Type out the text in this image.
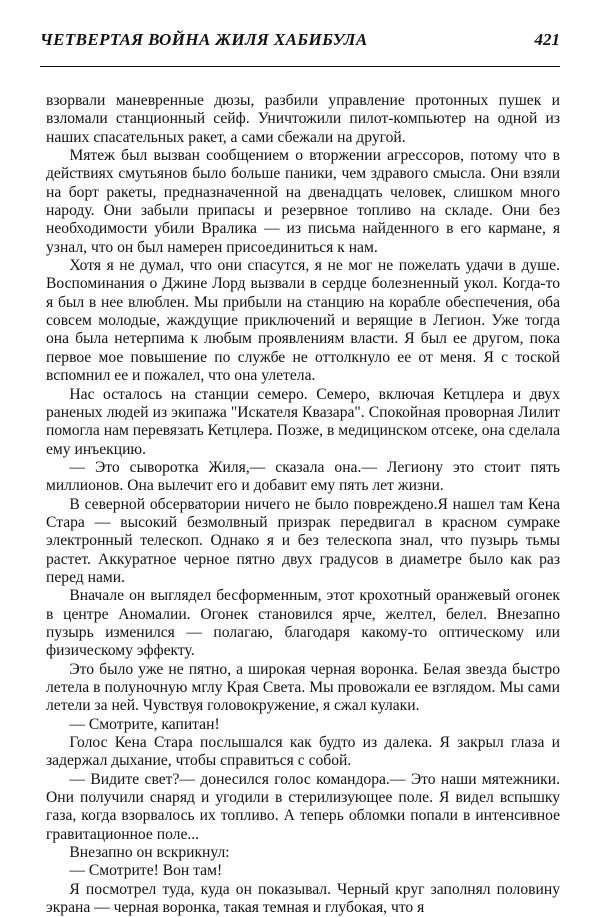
ЧЕТВЕРТАЯ ВОЙНА ЖИЛЯ ХАБИБУЛА	421

взорвали маневренные дюзы, разбили управление протонных пушек и взломали станционный сейф. Уничтожили пилот-компьютер на одной из наших спасательных ракет, а сами сбежали на другой.

Мятеж был вызван сообщением о вторжении агрессоров, потому что в действиях смутьянов было больше паники, чем здравого смысла. Они взяли на борт ракеты, предназначенной на двенадцать человек, слишком много народу. Они забыли припасы и резервное топливо на складе. Они без необходимости убили Вралика — из письма найденного в его кармане, я узнал, что он был намерен присоединиться к нам.

Хотя я не думал, что они спасутся, я не мог не пожелать удачи в душе. Воспоминания о Джине Лорд вызвали в сердце болезненный укол. Когда-то я был в нее влюблен. Мы прибыли на станцию на корабле обеспечения, оба совсем молодые, жаждущие приключений и верящие в Легион. Уже тогда она была нетерпима к любым проявлениям власти. Я был ее другом, пока первое мое повышение по службе не оттолкнуло ее от меня. Я с тоской вспомнил ее и пожалел, что она улетела.

Нас осталось на станции семеро. Семеро, включая Кетцлера и двух раненых людей из экипажа "Искателя Квазара". Спокойная проворная Лилит помогла нам перевязать Кетцлера. Позже, в медицинском отсеке, она сделала ему инъекцию.

— Это сыворотка Жиля,— сказала она.— Легиону это стоит пять миллионов. Она вылечит его и добавит ему пять лет жизни.

В северной обсерватории ничего не было повреждено.Я нашел там Кена Стара — высокий безмолвный призрак передвигал в красном сумраке электронный телескоп. Однако я и без телескопа знал, что пузырь тьмы растет. Аккуратное черное пятно двух градусов в диаметре было как раз перед нами.

Вначале он выглядел бесформенным, этот крохотный оранжевый огонек в центре Аномалии. Огонек становился ярче, желтел, белел. Внезапно пузырь изменился — полагаю, благодаря какому-то оптическому или физическому эффекту.

Это было уже не пятно, а широкая черная воронка. Белая звезда быстро летела в полуночную мглу Края Света. Мы провожали ее взглядом. Мы сами летели за ней. Чувствуя головокружение, я сжал кулаки.

— Смотрите, капитан!

Голос Кена Стара послышался как будто из далека. Я закрыл глаза и задержал дыхание, чтобы справиться с собой.

— Видите свет?— донесился голос командора.— Это наши мятежники. Они получили снаряд и угодили в стерилизующее поле. Я видел вспышку газа, когда взорвалось их топливо. А теперь обломки попали в интенсивное гравитационное поле...

Внезапно он вскрикнул:

— Смотрите! Вон там!

Я посмотрел туда, куда он показывал. Черный круг заполнял половину экрана — черная воронка, такая темная и глубокая, что я
